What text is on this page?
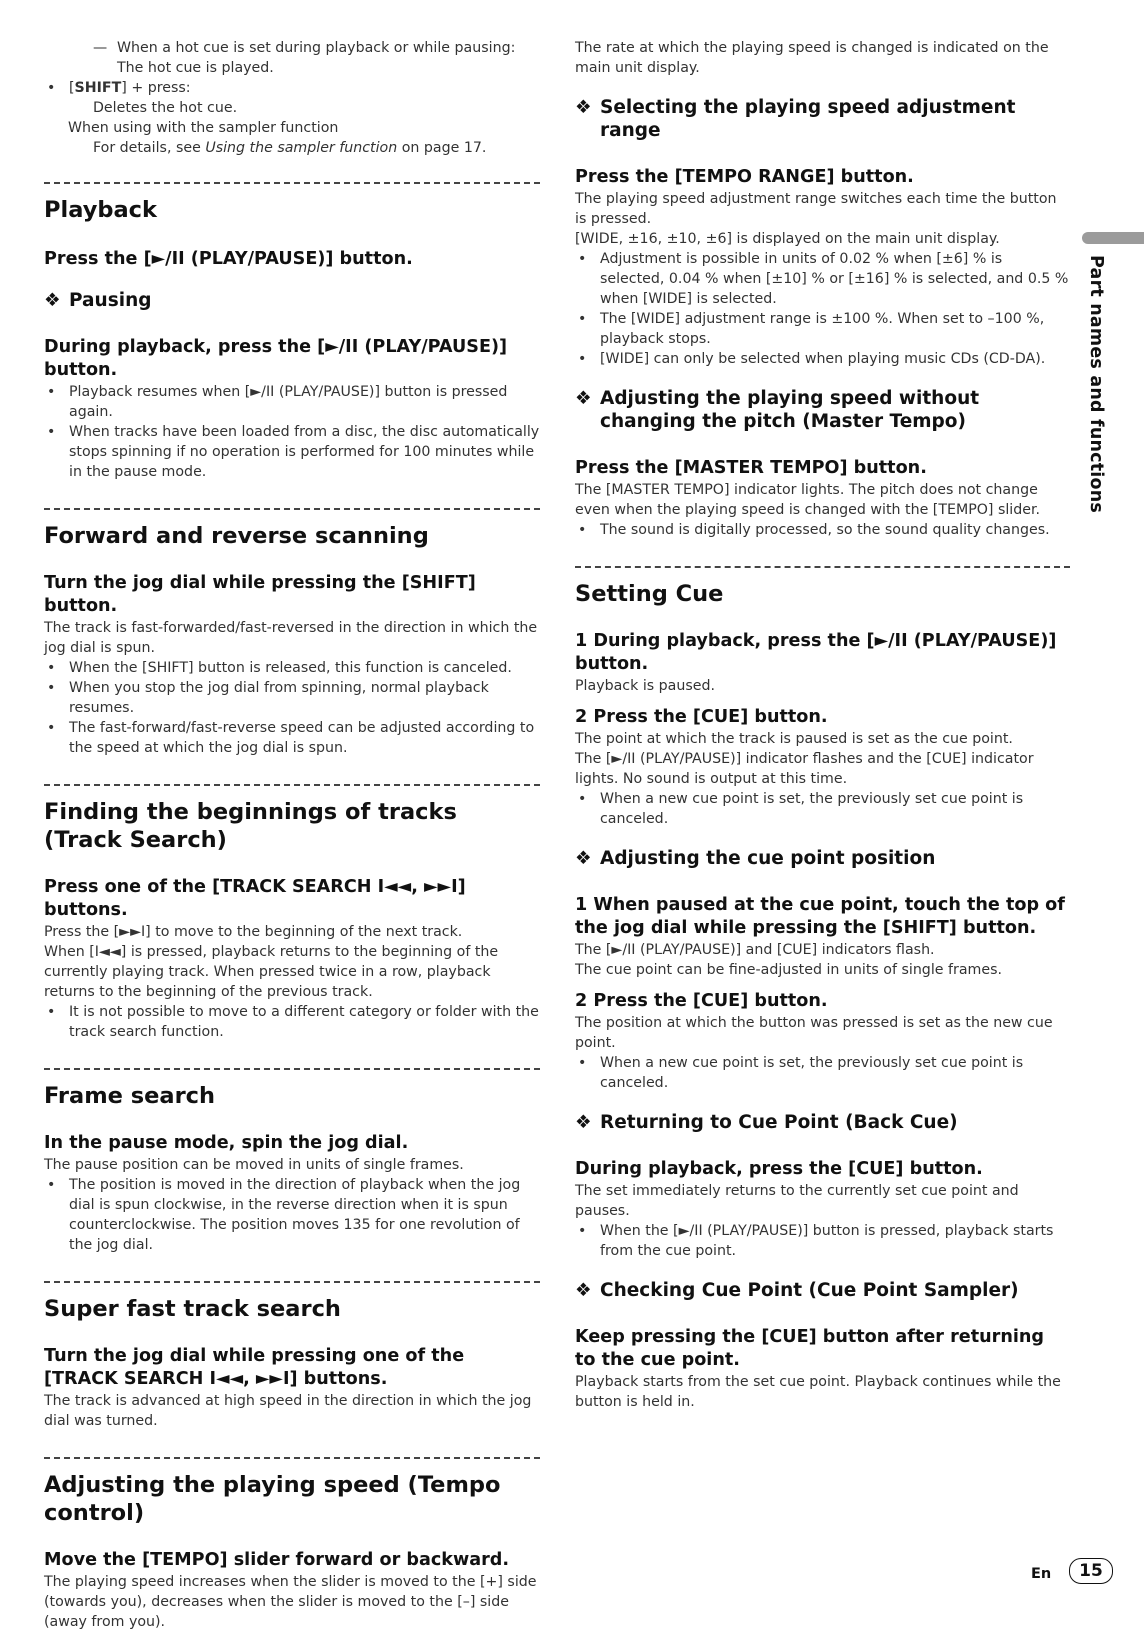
— When a hot cue is set during playback or while pausing:
The hot cue is played.
• [SHIFT] + press:
Deletes the hot cue.
When using with the sampler function
For details, see Using the sampler function on page 17.
Playback
Press the [►/II (PLAY/PAUSE)] button.
❖ Pausing
During playback, press the [►/II (PLAY/PAUSE)] button.
• Playback resumes when [►/II (PLAY/PAUSE)] button is pressed again.
• When tracks have been loaded from a disc, the disc automatically stops spinning if no operation is performed for 100 minutes while in the pause mode.
Forward and reverse scanning
Turn the jog dial while pressing the [SHIFT] button.
The track is fast-forwarded/fast-reversed in the direction in which the jog dial is spun.
• When the [SHIFT] button is released, this function is canceled.
• When you stop the jog dial from spinning, normal playback resumes.
• The fast-forward/fast-reverse speed can be adjusted according to the speed at which the jog dial is spun.
Finding the beginnings of tracks (Track Search)
Press one of the [TRACK SEARCH I◄◄, ►►I] buttons.
Press the [►►I] to move to the beginning of the next track.
When [I◄◄] is pressed, playback returns to the beginning of the currently playing track. When pressed twice in a row, playback returns to the beginning of the previous track.
• It is not possible to move to a different category or folder with the track search function.
Frame search
In the pause mode, spin the jog dial.
The pause position can be moved in units of single frames.
• The position is moved in the direction of playback when the jog dial is spun clockwise, in the reverse direction when it is spun counterclockwise. The position moves 135 for one revolution of the jog dial.
Super fast track search
Turn the jog dial while pressing one of the [TRACK SEARCH I◄◄, ►►I] buttons.
The track is advanced at high speed in the direction in which the jog dial was turned.
Adjusting the playing speed (Tempo control)
Move the [TEMPO] slider forward or backward.
The playing speed increases when the slider is moved to the [+] side (towards you), decreases when the slider is moved to the [–] side (away from you).
The rate at which the playing speed is changed is indicated on the main unit display.
❖ Selecting the playing speed adjustment range
Press the [TEMPO RANGE] button.
The playing speed adjustment range switches each time the button is pressed.
[WIDE, ±16, ±10, ±6] is displayed on the main unit display.
• Adjustment is possible in units of 0.02 % when [±6] % is selected, 0.04 % when [±10] % or [±16] % is selected, and 0.5 % when [WIDE] is selected.
• The [WIDE] adjustment range is ±100 %. When set to –100 %, playback stops.
• [WIDE] can only be selected when playing music CDs (CD-DA).
❖ Adjusting the playing speed without changing the pitch (Master Tempo)
Press the [MASTER TEMPO] button.
The [MASTER TEMPO] indicator lights. The pitch does not change even when the playing speed is changed with the [TEMPO] slider.
• The sound is digitally processed, so the sound quality changes.
Setting Cue
1 During playback, press the [►/II (PLAY/PAUSE)] button.
Playback is paused.
2 Press the [CUE] button.
The point at which the track is paused is set as the cue point.
The [►/II (PLAY/PAUSE)] indicator flashes and the [CUE] indicator lights. No sound is output at this time.
• When a new cue point is set, the previously set cue point is canceled.
❖ Adjusting the cue point position
1 When paused at the cue point, touch the top of the jog dial while pressing the [SHIFT] button.
The [►/II (PLAY/PAUSE)] and [CUE] indicators flash.
The cue point can be fine-adjusted in units of single frames.
2 Press the [CUE] button.
The position at which the button was pressed is set as the new cue point.
• When a new cue point is set, the previously set cue point is canceled.
❖ Returning to Cue Point (Back Cue)
During playback, press the [CUE] button.
The set immediately returns to the currently set cue point and pauses.
• When the [►/II (PLAY/PAUSE)] button is pressed, playback starts from the cue point.
❖ Checking Cue Point (Cue Point Sampler)
Keep pressing the [CUE] button after returning to the cue point.
Playback starts from the set cue point. Playback continues while the button is held in.
Part names and functions
En	15
